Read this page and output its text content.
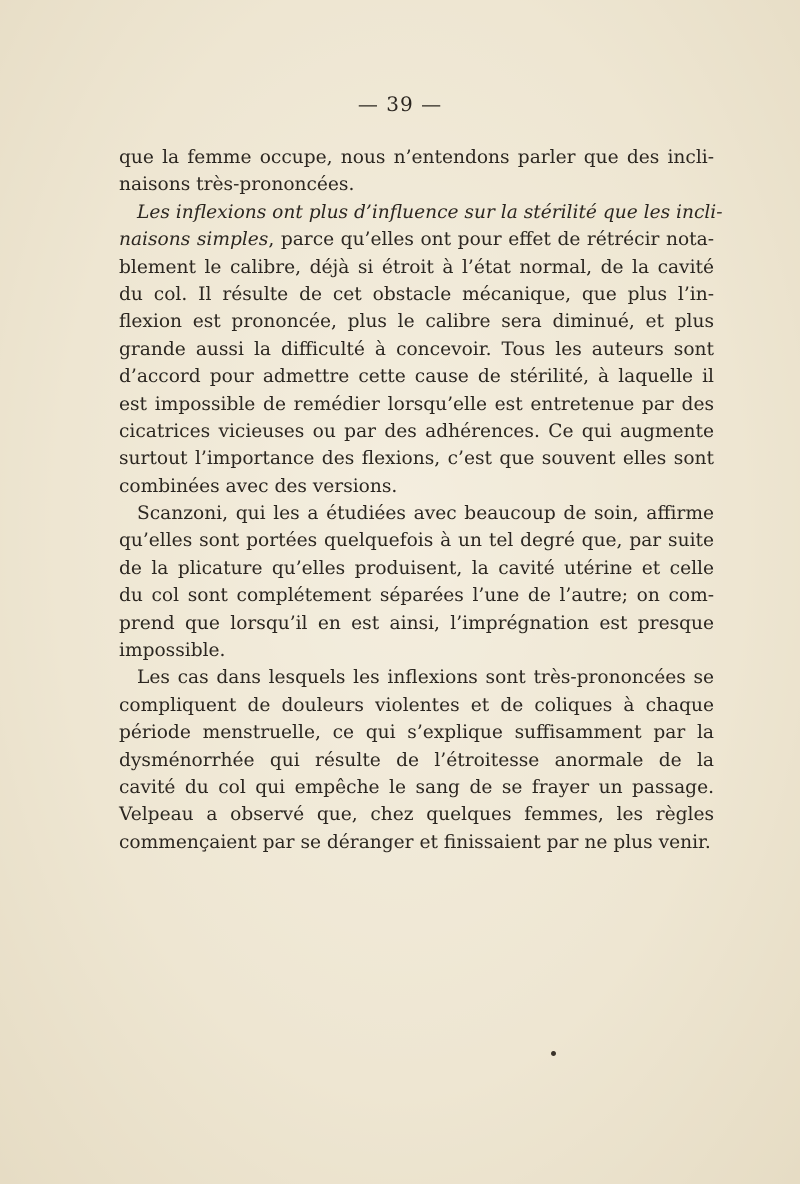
— 39 —
que la femme occupe, nous n’entendons parler que des incli-
naisons très-prononcées.
Les inflexions ont plus d’influence sur la stérilité que les incli-
naisons simples, parce qu’elles ont pour effet de rétrécir nota-
blement le calibre, déjà si étroit à l’état normal, de la cavité
du col. Il résulte de cet obstacle mécanique, que plus l’in-
flexion est prononcée, plus le calibre sera diminué, et plus
grande aussi la difficulté à concevoir. Tous les auteurs sont
d’accord pour admettre cette cause de stérilité, à laquelle il
est impossible de remédier lorsqu’elle est entretenue par des
cicatrices vicieuses ou par des adhérences. Ce qui augmente
surtout l’importance des flexions, c’est que souvent elles sont
combinées avec des versions.
Scanzoni, qui les a étudiées avec beaucoup de soin, affirme
qu’elles sont portées quelquefois à un tel degré que, par suite
de la plicature qu’elles produisent, la cavité utérine et celle
du col sont complétement séparées l’une de l’autre; on com-
prend que lorsqu’il en est ainsi, l’imprégnation est presque
impossible.
Les cas dans lesquels les inflexions sont très-prononcées se
compliquent de douleurs violentes et de coliques à chaque
période menstruelle, ce qui s’explique suffisamment par la
dysménorrhée qui résulte de l’étroitesse anormale de la
cavité du col qui empêche le sang de se frayer un passage.
Velpeau a observé que, chez quelques femmes, les règles
commençaient par se déranger et finissaient par ne plus venir.
